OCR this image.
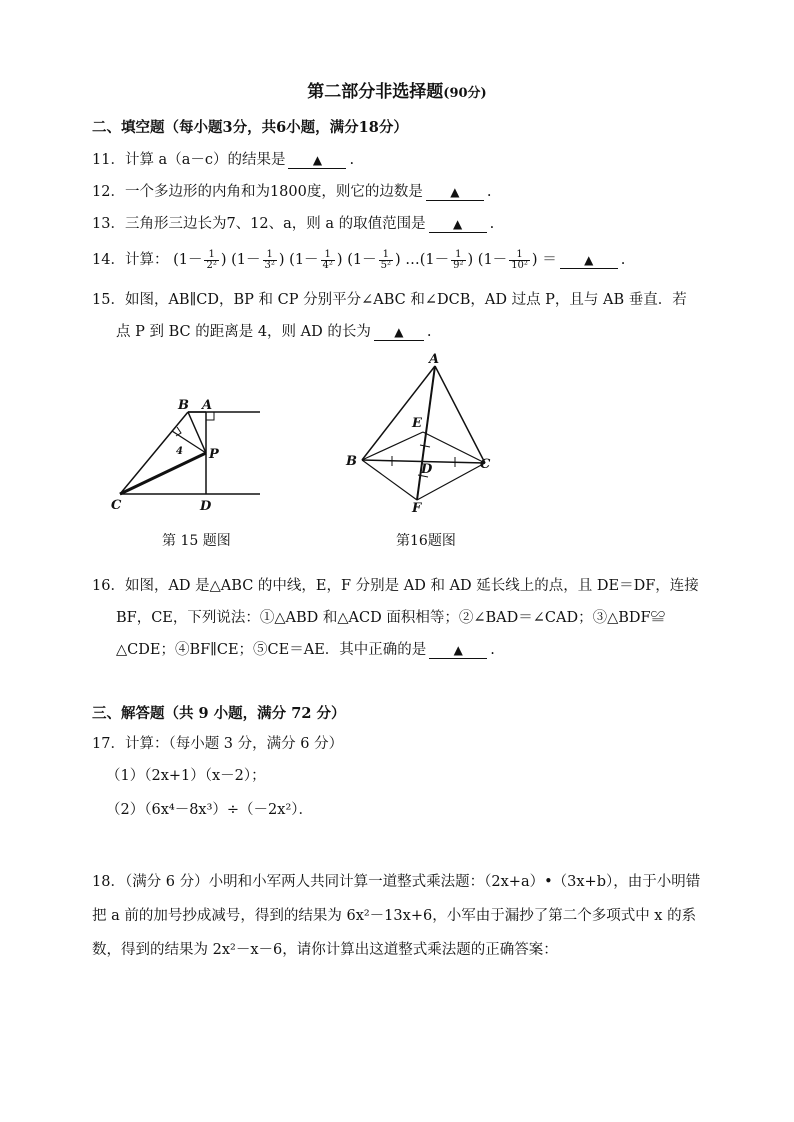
第二部分非选择题(90分)
二、填空题（每小题3分，共6小题，满分18分）
11．计算 a（a－c）的结果是 ▲ .
12．一个多边形的内角和为1800度，则它的边数是 ▲ .
13．三角形三边长为7、12、a，则 a 的取值范围是 ▲ .
14．计算： ($1- \frac{1}{\text{2²}}$ ) ($1- \frac{1}{\text{3²}}$ ) ($1- \frac{1}{\text{4²}}$ ) ($1- \frac{1}{\text{5²}}$ ) …(1－ $\frac{1}{\text{9²}}$ ) ($1- \frac{1}{\text{10²}}$ ) ＝ ▲ .
15．如图，AB∥CD，BP 和 CP 分别平分∠ABC 和∠DCB，AD 过点 P，且与 AB 垂直．若
点 P 到 BC 的距离是 4，则 AD 的长为 ▲ .
B A
P
C	D
4
第 15 题图
A
E
B
D	C
F
第16题图
16．如图，AD 是△ABC 的中线，E，F 分别是 AD 和 AD 延长线上的点，且 DE＝DF，连接
BF，CE，下列说法：①△ABD 和△ACD 面积相等；②∠BAD＝∠CAD；③△BDF≌
△CDE；④BF∥CE；⑤CE＝AE．其中正确的是 ▲ .
三、解答题（共 9 小题，满分 72 分）
17．计算：（每小题 3 分，满分 6 分）
（1）（2x+1）（x－2）；
（2）（6x⁴－8x³）÷（－2x²）．
18．（满分 6 分）小明和小军两人共同计算一道整式乘法题：（2x+a）•（3x+b），由于小明错
把 a 前的加号抄成减号，得到的结果为 6x²－13x+6，小军由于漏抄了第二个多项式中 x 的系
数，得到的结果为 2x²－x－6，请你计算出这道整式乘法题的正确答案：
